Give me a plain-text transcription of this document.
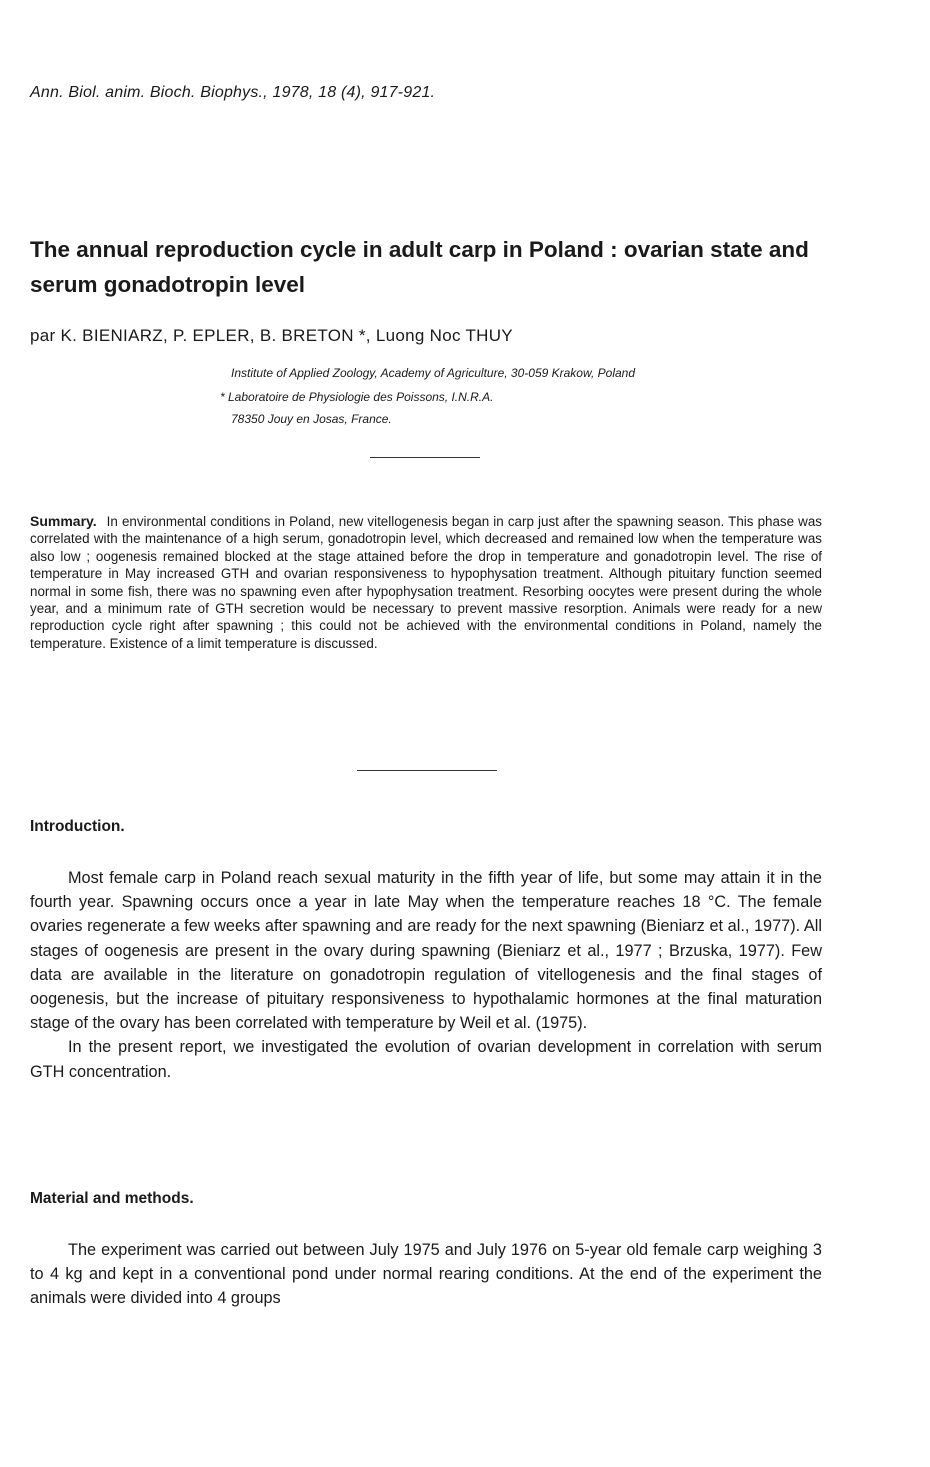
Ann. Biol. anim. Bioch. Biophys., 1978, 18 (4), 917-921.
The annual reproduction cycle in adult carp in Poland : ovarian state and serum gonadotropin level
par K. BIENIARZ, P. EPLER, B. BRETON *, Luong Noc THUY
Institute of Applied Zoology, Academy of Agriculture, 30-059 Krakow, Poland
* Laboratoire de Physiologie des Poissons, I.N.R.A.
78350 Jouy en Josas, France.

Summary. In environmental conditions in Poland, new vitellogenesis began in carp just after the spawning season. This phase was correlated with the maintenance of a high serum, gonadotropin level, which decreased and remained low when the temperature was also low ; oogenesis remained blocked at the stage attained before the drop in temperature and gonadotropin level. The rise of temperature in May increased GTH and ovarian responsiveness to hypophysation treatment. Although pituitary function seemed normal in some fish, there was no spawning even after hypophysation treatment. Resorbing oocytes were present during the whole year, and a minimum rate of GTH secretion would be necessary to prevent massive resorption. Animals were ready for a new reproduction cycle right after spawning ; this could not be achieved with the environmental conditions in Poland, namely the temperature. Existence of a limit temperature is discussed.

Introduction.

Most female carp in Poland reach sexual maturity in the fifth year of life, but some may attain it in the fourth year. Spawning occurs once a year in late May when the temperature reaches 18 °C. The female ovaries regenerate a few weeks after spawning and are ready for the next spawning (Bieniarz et al., 1977). All stages of oogenesis are present in the ovary during spawning (Bieniarz et al., 1977 ; Brzuska, 1977). Few data are available in the literature on gonadotropin regulation of vitellogenesis and the final stages of oogenesis, but the increase of pituitary responsiveness to hypothalamic hormones at the final maturation stage of the ovary has been correlated with temperature by Weil et al. (1975).

In the present report, we investigated the evolution of ovarian development in correlation with serum GTH concentration.

Material and methods.

The experiment was carried out between July 1975 and July 1976 on 5-year old female carp weighing 3 to 4 kg and kept in a conventional pond under normal rearing conditions. At the end of the experiment the animals were divided into 4 groups
